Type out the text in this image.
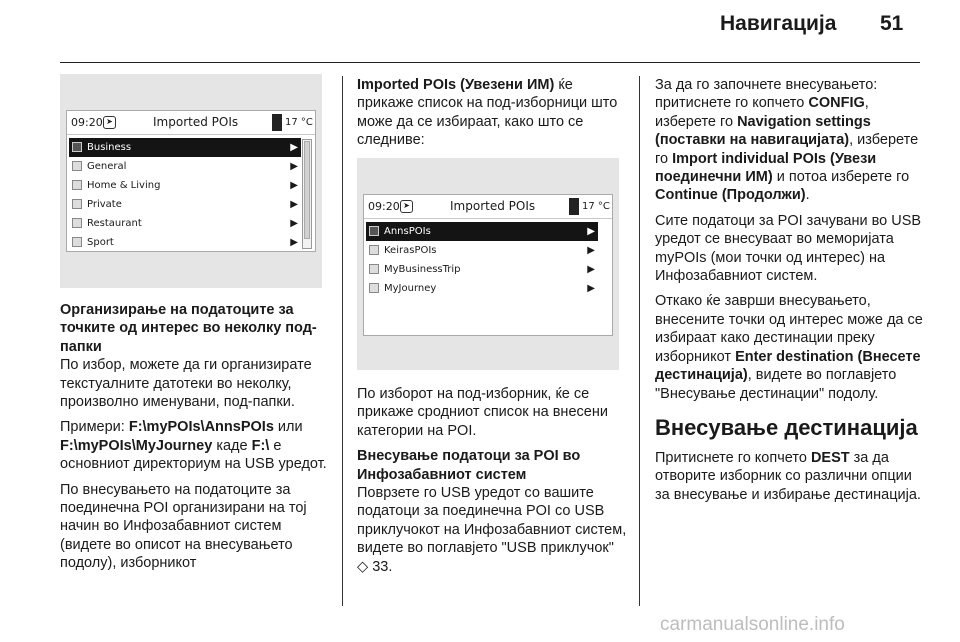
Навигација 51
09:20 ➤	Imported POIs	17 °C
Business	▶
General	▶
Home & Living	▶
Private	▶
Restaurant	▶
Sport	▶

Организирање на податоците за точките од интерес во неколку под-папки

По избор, можете да ги организирате текстуалните датотеки во неколку, произволно именувани, под-папки.

Примери: F:\myPOIs\AnnsPOIs или F:\myPOIs\MyJourney каде F:\ е основниот директориум на USB уредот.

По внесувањето на податоците за поединечна POI организирани на тој начин во Инфозабавниот систем (видете во описот на внесувањето подолу), изборникот

Imported POIs (Увезени ИМ) ќе прикаже список на под-изборници што може да се избираат, како што се следниве:

09:20 ➤	Imported POIs	17 °C
AnnsPOIs	▶
KeirasPOIs	▶
MyBusinessTrip	▶
MyJourney	▶

По изборот на под-изборник, ќе се прикаже сродниот список на внесени категории на POI.

Внесување податоци за POI во Инфозабавниот систем

Поврзете го USB уредот со вашите податоци за поединечна POI со USB приклучокот на Инфозабавниот систем, видете во поглавјето "USB приклучок" ◇ 33.

За да го започнете внесувањето: притиснете го копчето CONFIG, изберете го Navigation settings (поставки на навигацијата), изберете го Import individual POIs (Увези поединечни ИМ) и потоа изберете го Continue (Продолжи).

Сите податоци за POI зачувани во USB уредот се внесуваат во меморијата myPOIs (мои точки од интерес) на Инфозабавниот систем.

Откако ќе заврши внесувањето, внесените точки од интерес може да се избираат како дестинации преку изборникот Enter destination (Внесете дестинација), видете во поглавјето "Внесување дестинации" подолу.

Внесување дестинација

Притиснете го копчето DEST за да отворите изборник со различни опции за внесување и избирање дестинација.

carmanualsonline.info
